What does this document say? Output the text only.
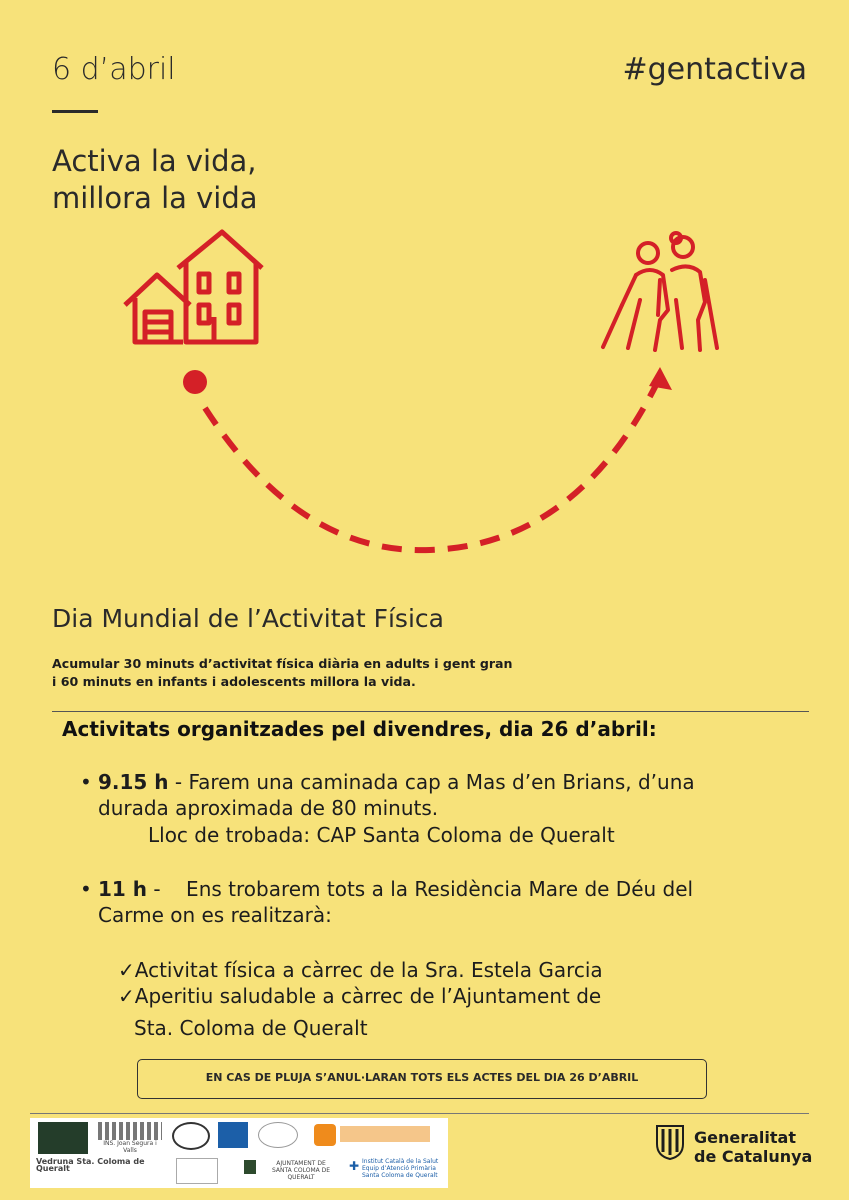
6 d’abril	#gentactiva
Activa la vida,
millora la vida
Dia Mundial de l’Activitat Física
Acumular 30 minuts d’activitat física diària en adults i gent gran
i 60 minuts en infants i adolescents millora la vida.
Activitats organitzades pel divendres, dia 26 d’abril:
• 9.15 h - Farem una caminada cap a Mas d’en Brians, d’una
durada aproximada de 80 minuts.
Lloc de trobada: CAP Santa Coloma de Queralt
• 11 h -    Ens trobarem tots a la Residència Mare de Déu del
Carme on es realitzarà:
✓Activitat física a càrrec de la Sra. Estela Garcia
✓Aperitiu saludable a càrrec de l’Ajuntament de
Sta. Coloma de Queralt
EN CAS DE PLUJA S’ANUL·LARAN TOTS ELS ACTES DEL DIA 26 D’ABRIL
INS. Joan Segura i Valls
Vedruna Sta. Coloma de Queralt
AJUNTAMENT DE SANTA COLOMA DE QUERALT
✚ Institut Català de la Salut
Equip d’Atenció Primària
Santa Coloma de Queralt
Generalitat
de Catalunya
